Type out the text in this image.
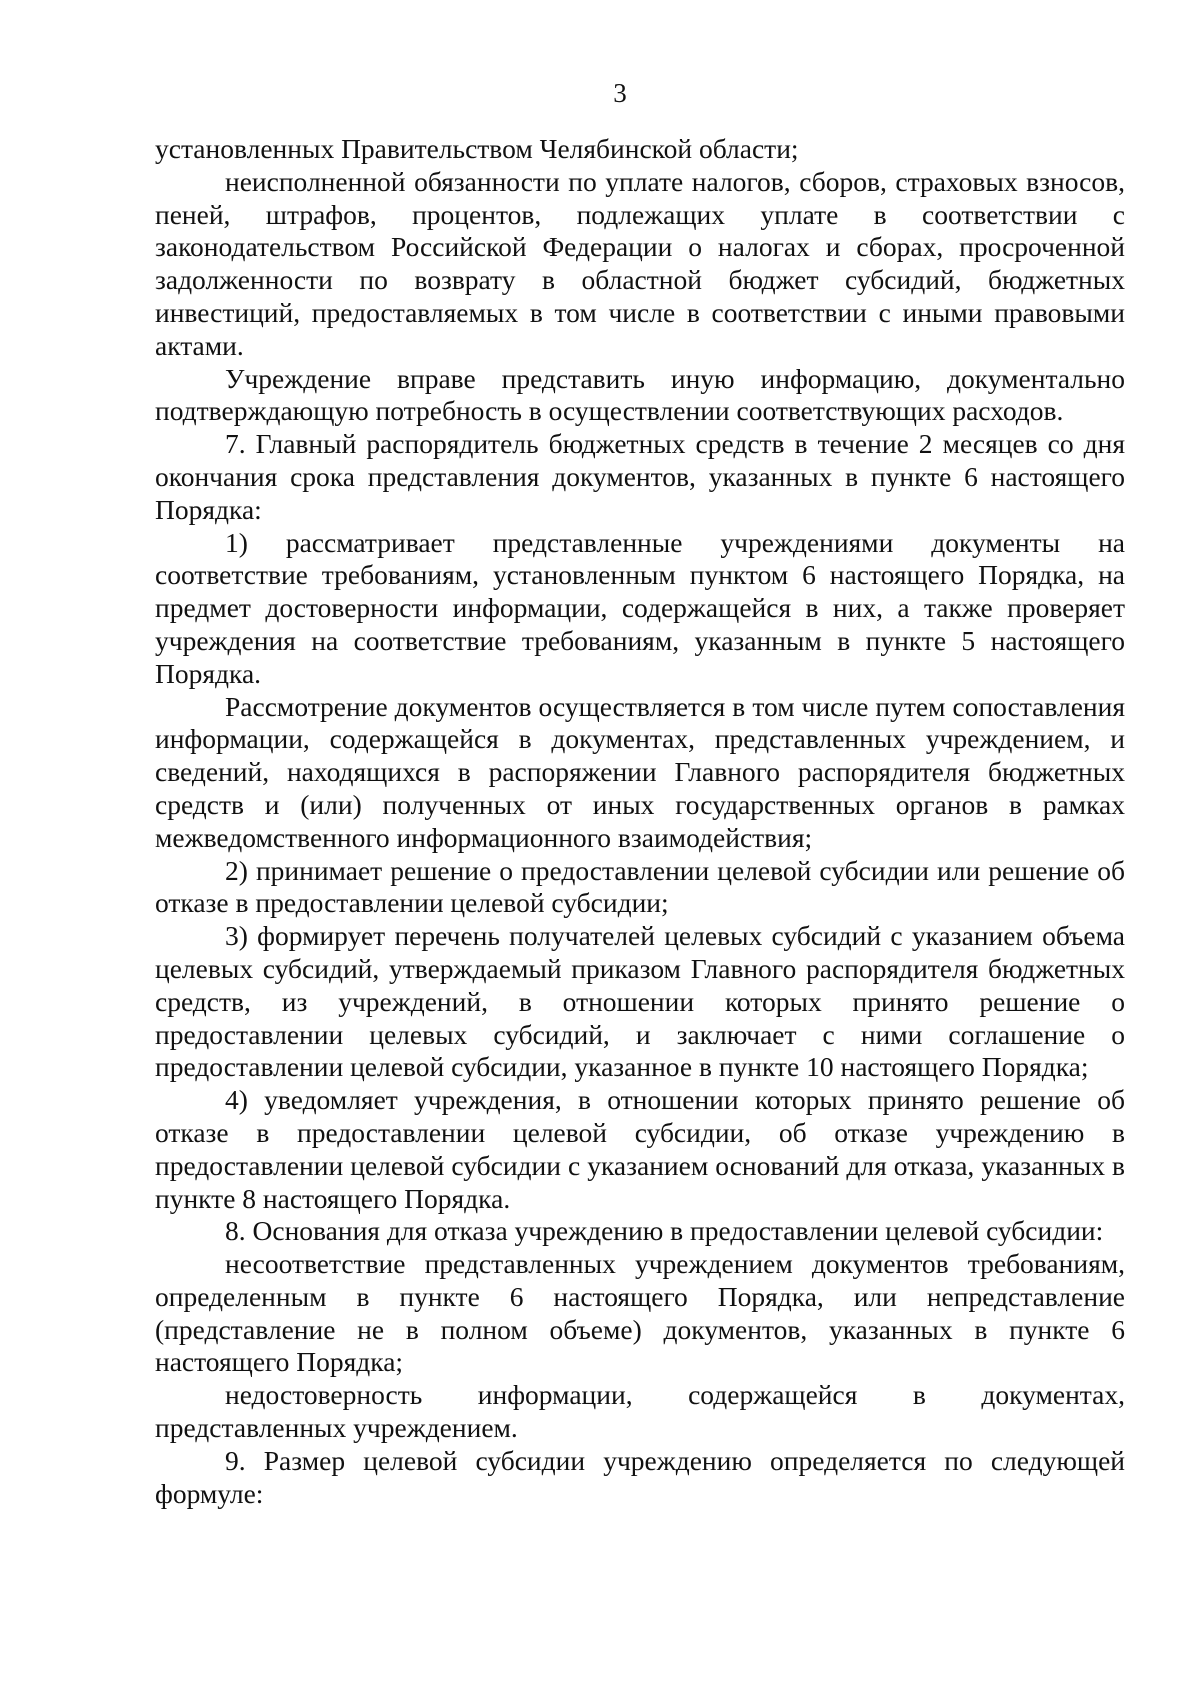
3

установленных Правительством Челябинской области;

неисполненной обязанности по уплате налогов, сборов, страховых взносов, пеней, штрафов, процентов, подлежащих уплате в соответствии с законодательством Российской Федерации о налогах и сборах, просроченной задолженности по возврату в областной бюджет субсидий, бюджетных инвестиций, предоставляемых в том числе в соответствии с иными правовыми актами.

Учреждение вправе представить иную информацию, документально подтверждающую потребность в осуществлении соответствующих расходов.

7. Главный распорядитель бюджетных средств в течение 2 месяцев со дня окончания срока представления документов, указанных в пункте 6 настоящего Порядка:

1) рассматривает представленные учреждениями документы на соответствие требованиям, установленным пунктом 6 настоящего Порядка, на предмет достоверности информации, содержащейся в них, а также проверяет учреждения на соответствие требованиям, указанным в пункте 5 настоящего Порядка.

Рассмотрение документов осуществляется в том числе путем сопоставления информации, содержащейся в документах, представленных учреждением, и сведений, находящихся в распоряжении Главного распорядителя бюджетных средств и (или) полученных от иных государственных органов в рамках межведомственного информационного взаимодействия;

2) принимает решение о предоставлении целевой субсидии или решение об отказе в предоставлении целевой субсидии;

3) формирует перечень получателей целевых субсидий с указанием объема целевых субсидий, утверждаемый приказом Главного распорядителя бюджетных средств, из учреждений, в отношении которых принято решение о предоставлении целевых субсидий, и заключает с ними соглашение о предоставлении целевой субсидии, указанное в пункте 10 настоящего Порядка;

4) уведомляет учреждения, в отношении которых принято решение об отказе в предоставлении целевой субсидии, об отказе учреждению в предоставлении целевой субсидии с указанием оснований для отказа, указанных в пункте 8 настоящего Порядка.

8. Основания для отказа учреждению в предоставлении целевой субсидии:

несоответствие представленных учреждением документов требованиям, определенным в пункте 6 настоящего Порядка, или непредставление (представление не в полном объеме) документов, указанных в пункте 6 настоящего Порядка;

недостоверность информации, содержащейся в документах, представленных учреждением.

9. Размер целевой субсидии учреждению определяется по следующей формуле:
